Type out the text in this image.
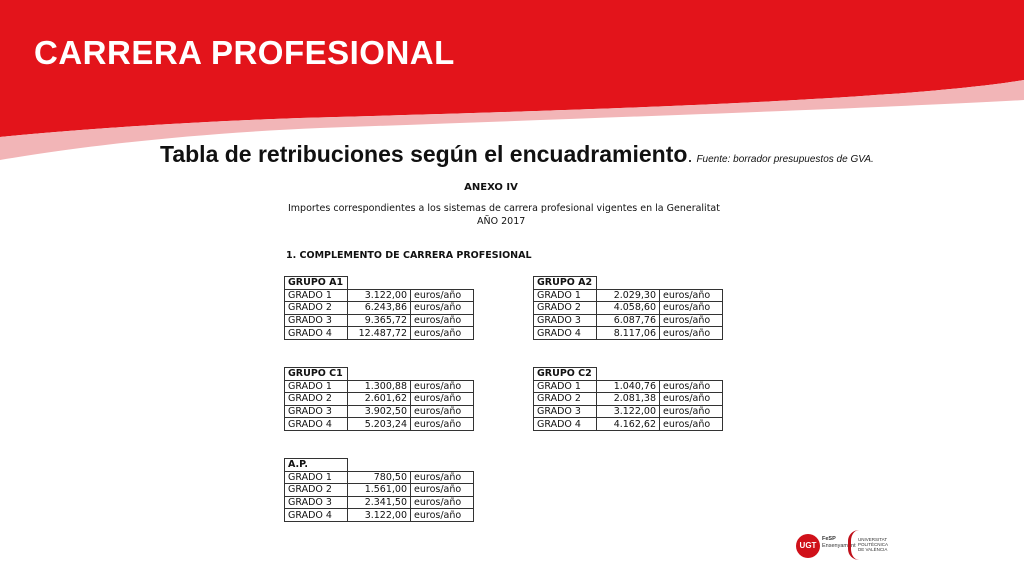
CARRERA PROFESIONAL
Tabla de retribuciones según el encuadramiento. Fuente: borrador presupuestos de GVA.
ANEXO IV
Importes correspondientes a los sistemas de carrera profesional vigentes en la Generalitat
AÑO 2017
1. COMPLEMENTO DE CARRERA PROFESIONAL
GRUPO A1		
GRADO 1	3.122,00	euros/año
GRADO 2	6.243,86	euros/año
GRADO 3	9.365,72	euros/año
GRADO 4	12.487,72	euros/año
GRUPO A2		
GRADO 1	2.029,30	euros/año
GRADO 2	4.058,60	euros/año
GRADO 3	6.087,76	euros/año
GRADO 4	8.117,06	euros/año
GRUPO C1		
GRADO 1	1.300,88	euros/año
GRADO 2	2.601,62	euros/año
GRADO 3	3.902,50	euros/año
GRADO 4	5.203,24	euros/año
GRUPO C2		
GRADO 1	1.040,76	euros/año
GRADO 2	2.081,38	euros/año
GRADO 3	3.122,00	euros/año
GRADO 4	4.162,62	euros/año
A.P.		
GRADO 1	780,50	euros/año
GRADO 2	1.561,00	euros/año
GRADO 3	2.341,50	euros/año
GRADO 4	3.122,00	euros/año
UGT
FeSP
Ensenyament
UNIVERSITAT
POLITÈCNICA
DE VALÈNCIA
